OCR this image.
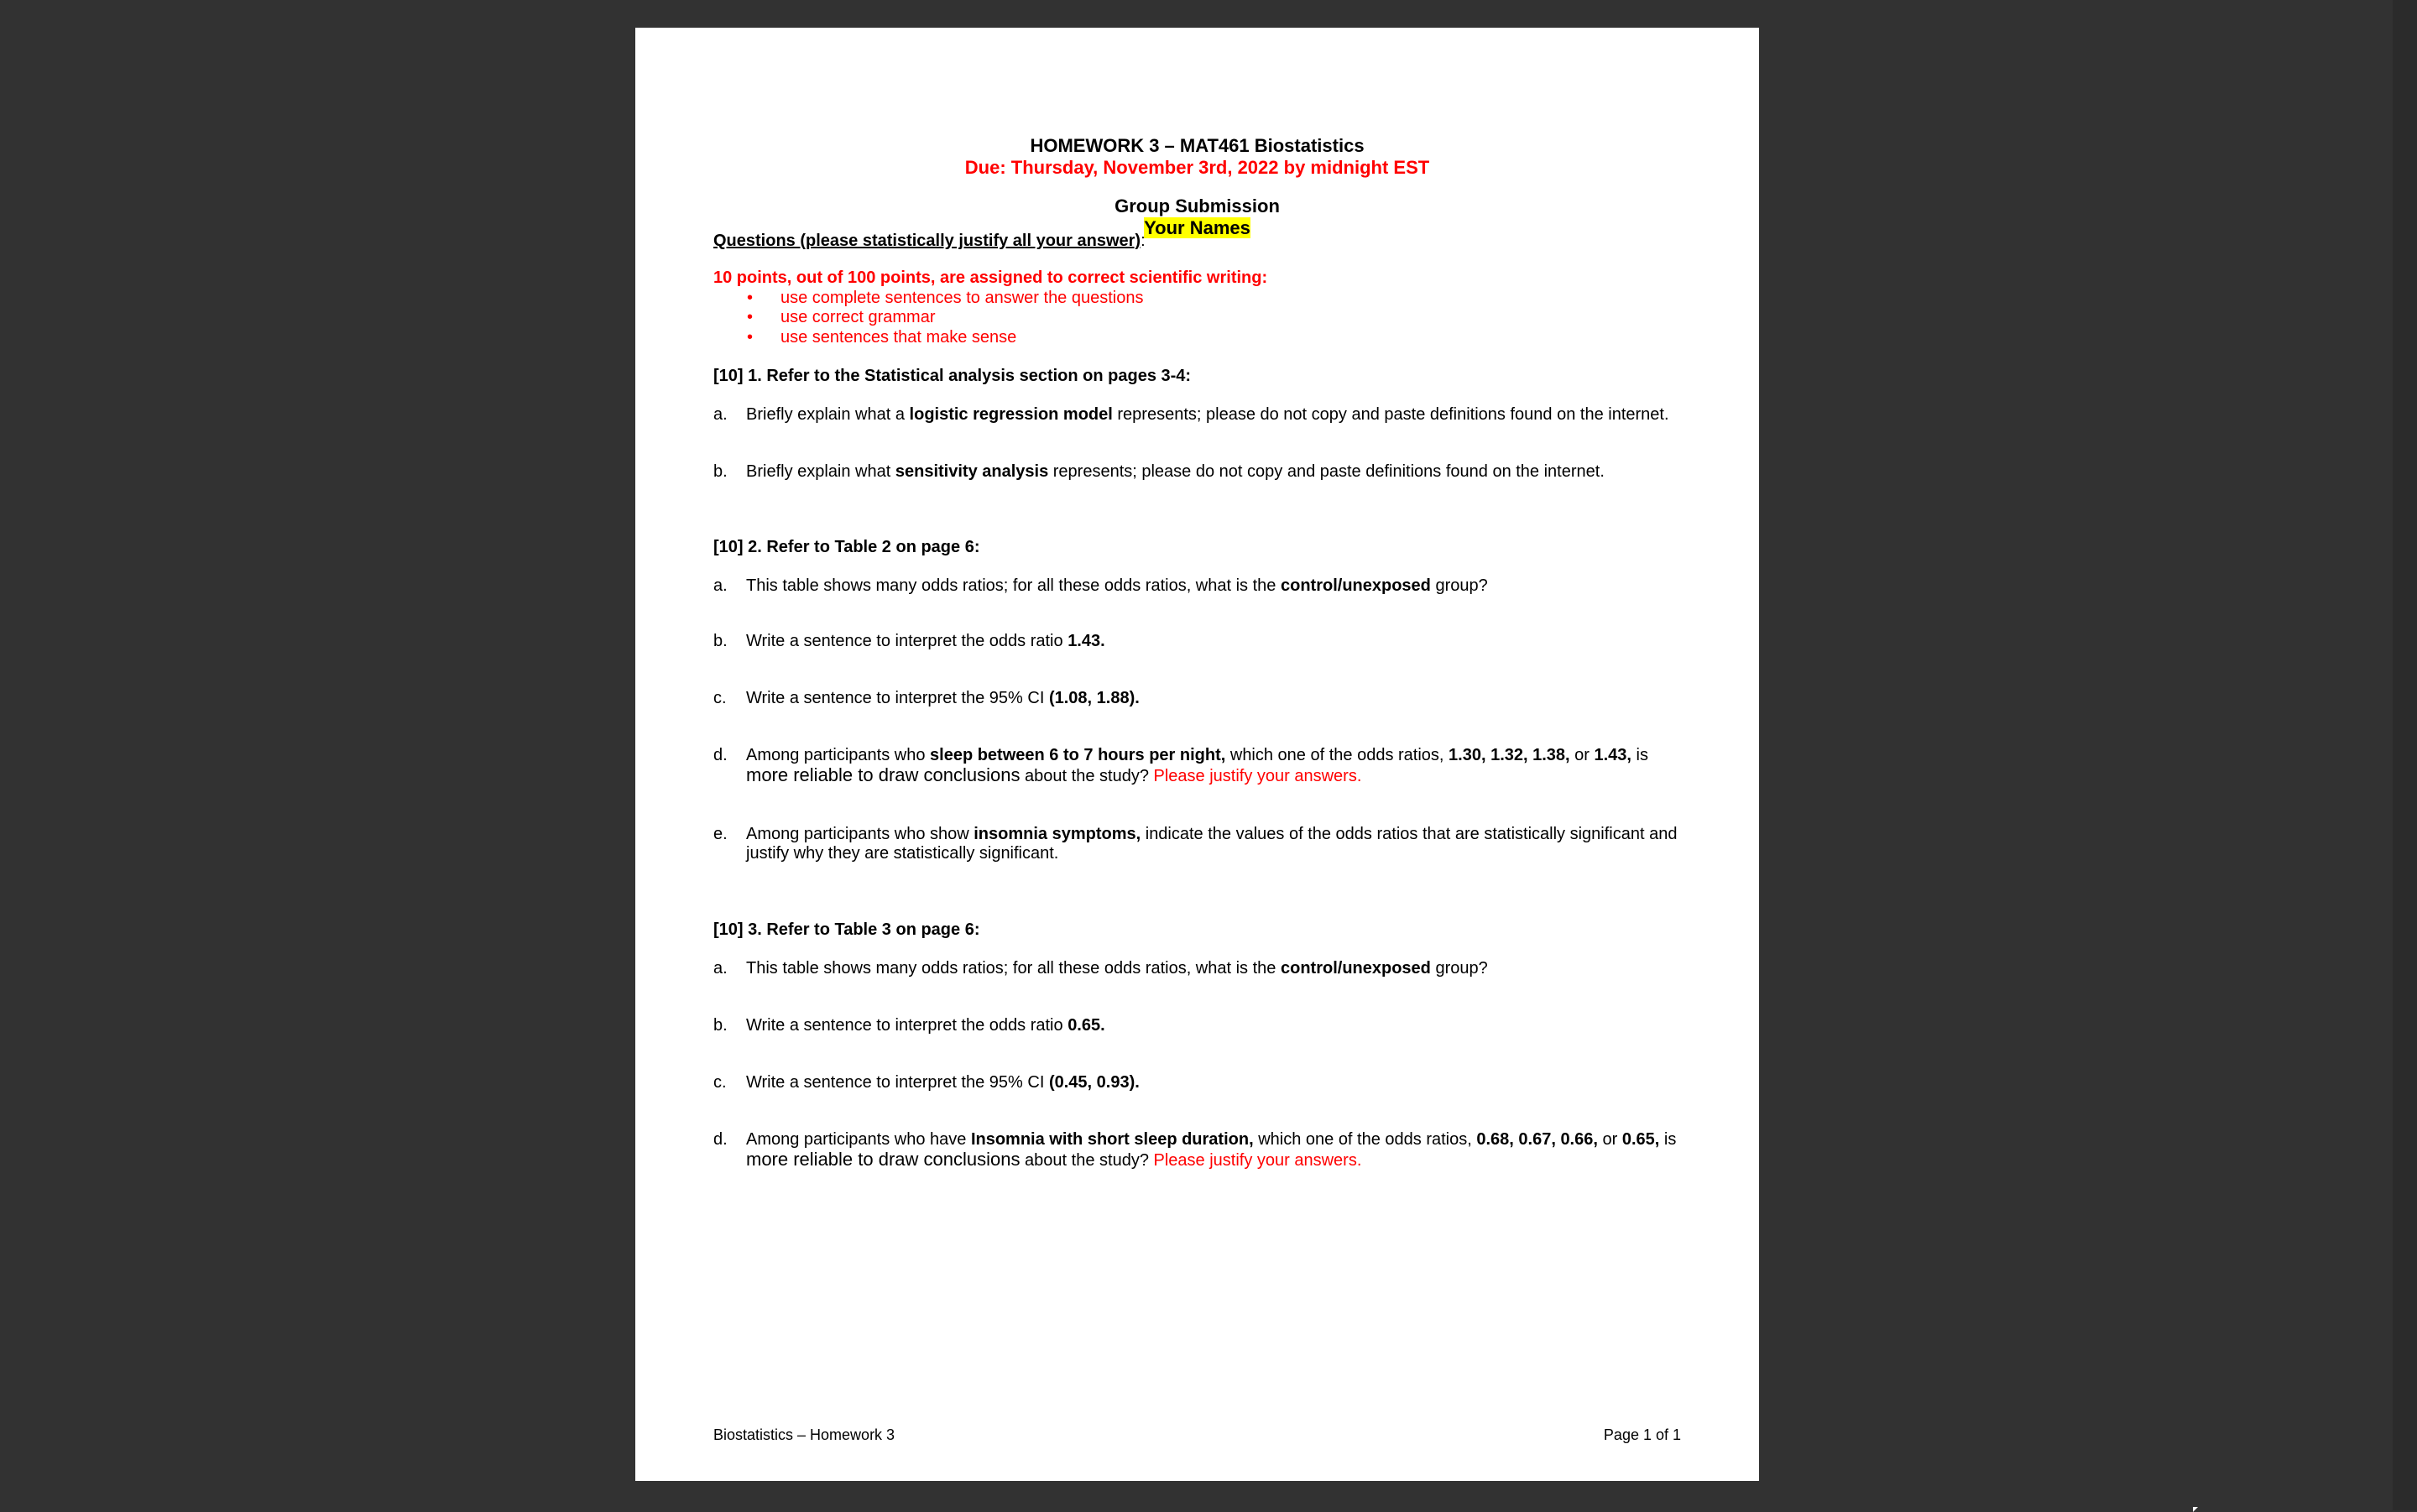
HOMEWORK 3 – MAT461 Biostatistics
Due: Thursday, November 3rd, 2022 by midnight EST
Group Submission
Your Names
Questions (please statistically justify all your answer):
10 points, out of 100 points, are assigned to correct scientific writing:
• use complete sentences to answer the questions
• use correct grammar
• use sentences that make sense
[10] 1. Refer to the Statistical analysis section on pages 3-4:
a. Briefly explain what a logistic regression model represents; please do not copy and paste definitions found on the internet.
b. Briefly explain what sensitivity analysis represents; please do not copy and paste definitions found on the internet.
[10] 2. Refer to Table 2 on page 6:
a. This table shows many odds ratios; for all these odds ratios, what is the control/unexposed group?
b. Write a sentence to interpret the odds ratio 1.43.
c. Write a sentence to interpret the 95% CI (1.08, 1.88).
d. Among participants who sleep between 6 to 7 hours per night, which one of the odds ratios, 1.30, 1.32, 1.38, or 1.43, is more reliable to draw conclusions about the study? Please justify your answers.
e. Among participants who show insomnia symptoms, indicate the values of the odds ratios that are statistically significant and justify why they are statistically significant.
[10] 3. Refer to Table 3 on page 6:
a. This table shows many odds ratios; for all these odds ratios, what is the control/unexposed group?
b. Write a sentence to interpret the odds ratio 0.65.
c. Write a sentence to interpret the 95% CI (0.45, 0.93).
d. Among participants who have Insomnia with short sleep duration, which one of the odds ratios, 0.68, 0.67, 0.66, or 0.65, is more reliable to draw conclusions about the study? Please justify your answers.
Biostatistics – Homework 3	Page 1 of 1
